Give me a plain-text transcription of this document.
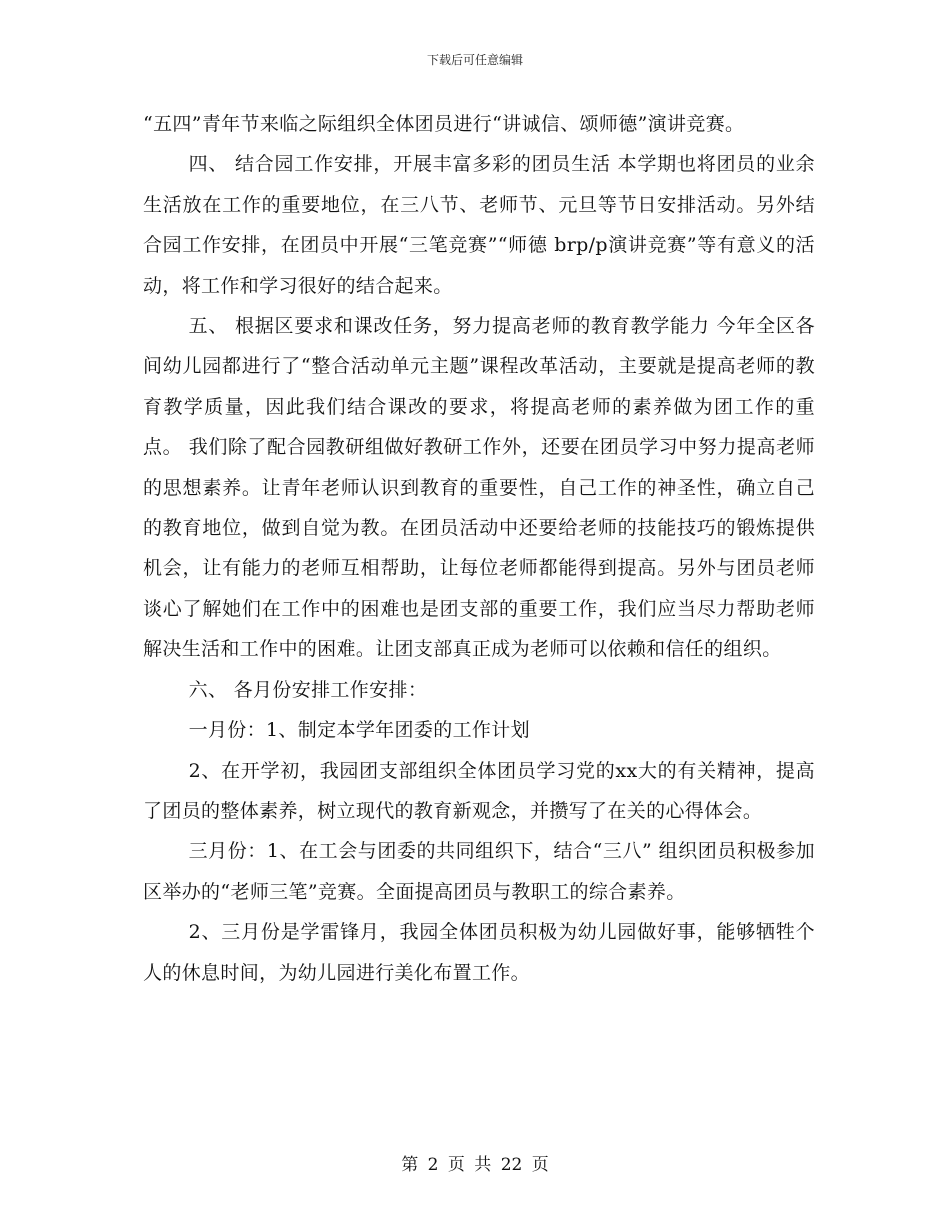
下载后可任意编辑

“五四”青年节来临之际组织全体团员进行“讲诚信、颂师德”演讲竞赛。

四、 结合园工作安排，开展丰富多彩的团员生活 本学期也将团员的业余生活放在工作的重要地位，在三八节、老师节、元旦等节日安排活动。另外结合园工作安排，在团员中开展“三笔竞赛”“师德 brp/p演讲竞赛”等有意义的活动，将工作和学习很好的结合起来。

五、 根据区要求和课改任务，努力提高老师的教育教学能力 今年全区各间幼儿园都进行了“整合活动单元主题”课程改革活动，主要就是提高老师的教育教学质量，因此我们结合课改的要求，将提高老师的素养做为团工作的重点。 我们除了配合园教研组做好教研工作外，还要在团员学习中努力提高老师的思想素养。让青年老师认识到教育的重要性，自己工作的神圣性，确立自己的教育地位，做到自觉为教。在团员活动中还要给老师的技能技巧的锻炼提供机会，让有能力的老师互相帮助，让每位老师都能得到提高。另外与团员老师谈心了解她们在工作中的困难也是团支部的重要工作，我们应当尽力帮助老师解决生活和工作中的困难。让团支部真正成为老师可以依赖和信任的组织。

六、 各月份安排工作安排：

一月份：1、制定本学年团委的工作计划

2、在开学初，我园团支部组织全体团员学习党的xx大的有关精神，提高了团员的整体素养，树立现代的教育新观念，并攒写了在关的心得体会。

三月份：1、在工会与团委的共同组织下，结合“三八” 组织团员积极参加区举办的“老师三笔”竞赛。全面提高团员与教职工的综合素养。

2、三月份是学雷锋月，我园全体团员积极为幼儿园做好事，能够牺牲个人的休息时间，为幼儿园进行美化布置工作。

第 2 页 共 22 页
